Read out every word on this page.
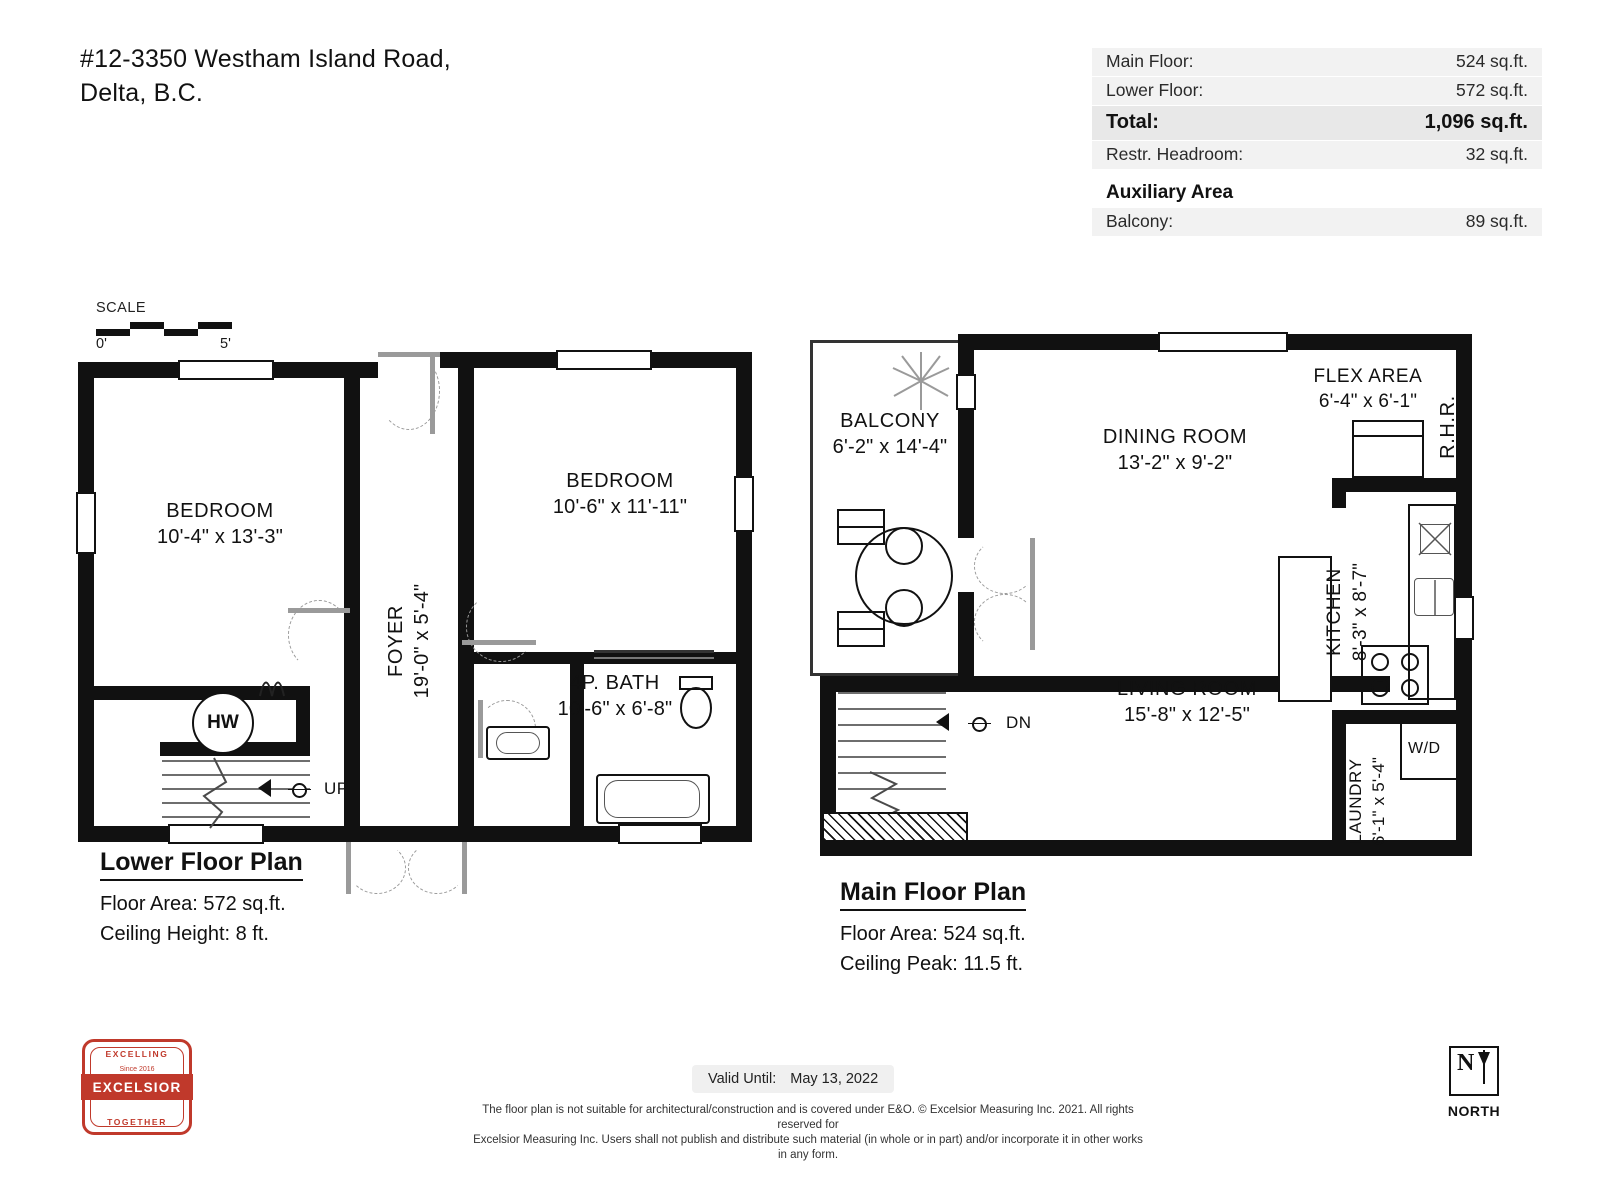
#12-3350 Westham Island Road,
Delta, B.C.
Main Floor:	524 sq.ft.
Lower Floor:	572 sq.ft.
Total:	1,096 sq.ft.
Restr. Headroom:	32 sq.ft.
Auxiliary Area
Balcony:	89 sq.ft.
SCALE
0'	5'
UP
HW
BEDROOM
10'-4" x 13'-3"
BEDROOM
10'-6" x 11'-11"
FOYER 19'-0" x 5'-4"	4P. BATH
10'-6" x 6'-8"
Lower Floor Plan
Floor Area: 572 sq.ft.
Ceiling Height: 8 ft.
DN
W/D
BALCONY
6'-2" x 14'-4"	DINING ROOM
13'-2" x 9'-2"
FLEX AREA
6'-4" x 6'-1"
LIVING ROOM
15'-8" x 12'-5"
KITCHEN 8'-3" x 8'-7"
LAUNDRY 6'-1" x 5'-4"
R.H.R.
Main Floor Plan
Floor Area: 524 sq.ft.
Ceiling Peak: 11.5 ft.
Valid Until: May 13, 2022
The floor plan is not suitable for architectural/construction and is covered under E&O. © Excelsior Measuring Inc. 2021. All rights reserved for
Excelsior Measuring Inc. Users shall not publish and distribute such material (in whole or in part) and/or incorporate it in other works in any form.
EXCELLING
Since 2016
EXCELSIOR
TOGETHER
N
NORTH
